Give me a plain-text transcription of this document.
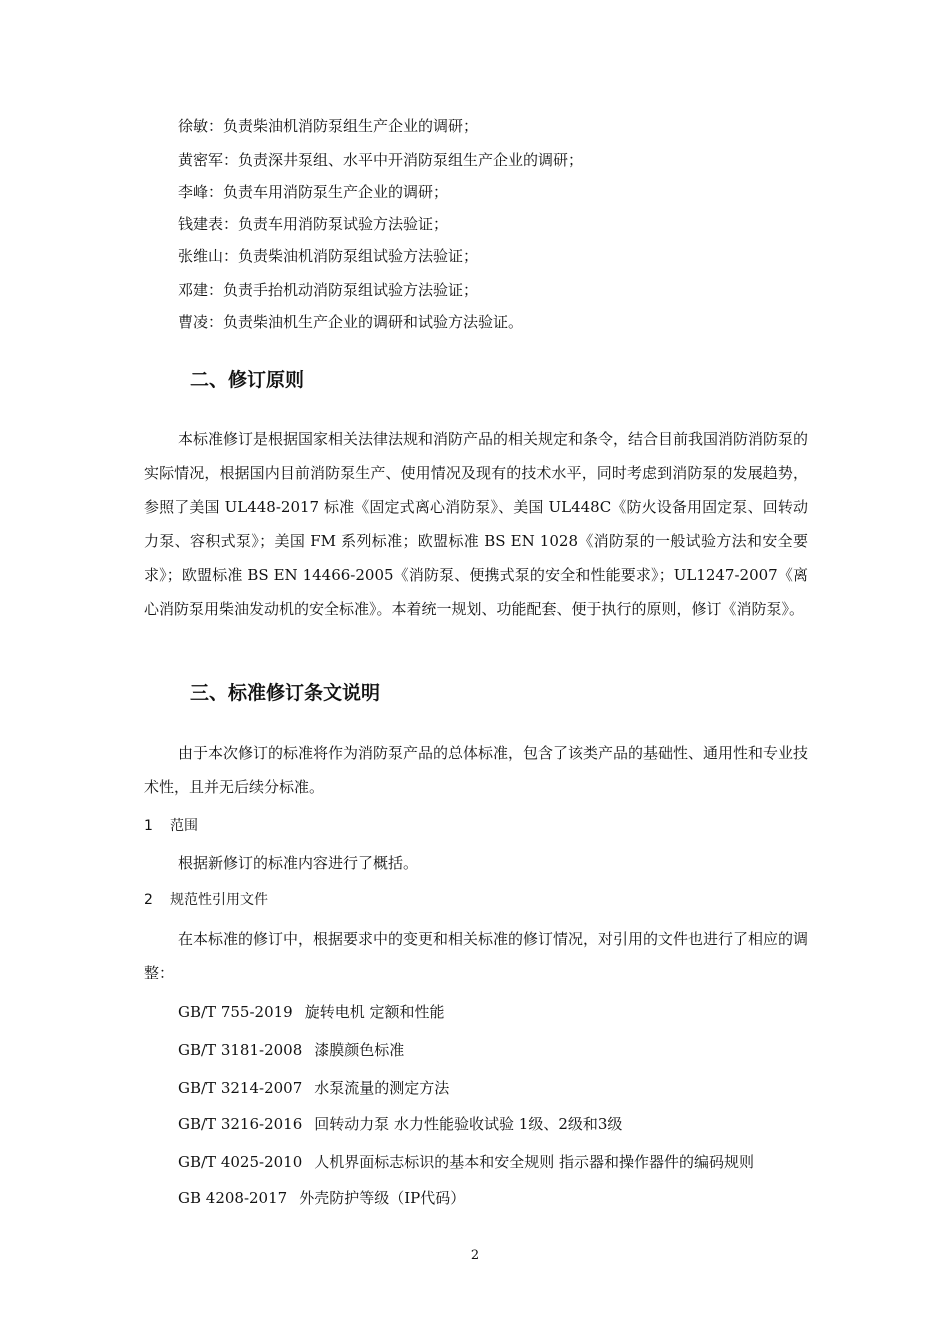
徐敏：负责柴油机消防泵组生产企业的调研；

黄密军：负责深井泵组、水平中开消防泵组生产企业的调研；

李峰：负责车用消防泵生产企业的调研；

钱建表：负责车用消防泵试验方法验证；

张维山：负责柴油机消防泵组试验方法验证；

邓建：负责手抬机动消防泵组试验方法验证；

曹凌：负责柴油机生产企业的调研和试验方法验证。

二、修订原则

本标准修订是根据国家相关法律法规和消防产品的相关规定和条令，结合目前我国消防消防泵的实际情况，根据国内目前消防泵生产、使用情况及现有的技术水平，同时考虑到消防泵的发展趋势，参照了美国 UL448-2017 标准《固定式离心消防泵》、美国 UL448C《防火设备用固定泵、回转动力泵、容积式泵》；美国 FM 系列标准；欧盟标准 BS EN 1028《消防泵的一般试验方法和安全要求》；欧盟标准 BS EN 14466-2005《消防泵、便携式泵的安全和性能要求》；UL1247-2007《离心消防泵用柴油发动机的安全标准》。本着统一规划、功能配套、便于执行的原则，修订《消防泵》。

三、标准修订条文说明

由于本次修订的标准将作为消防泵产品的总体标准，包含了该类产品的基础性、通用性和专业技术性，且并无后续分标准。

1 范围

根据新修订的标准内容进行了概括。

2 规范性引用文件

在本标准的修订中，根据要求中的变更和相关标准的修订情况，对引用的文件也进行了相应的调整：

GB/T 755-2019 旋转电机 定额和性能

GB/T 3181-2008 漆膜颜色标准

GB/T 3214-2007 水泵流量的测定方法

GB/T 3216-2016 回转动力泵 水力性能验收试验 1级、2级和3级

GB/T 4025-2010 人机界面标志标识的基本和安全规则 指示器和操作器件的编码规则

GB 4208-2017 外壳防护等级（IP代码）

2
